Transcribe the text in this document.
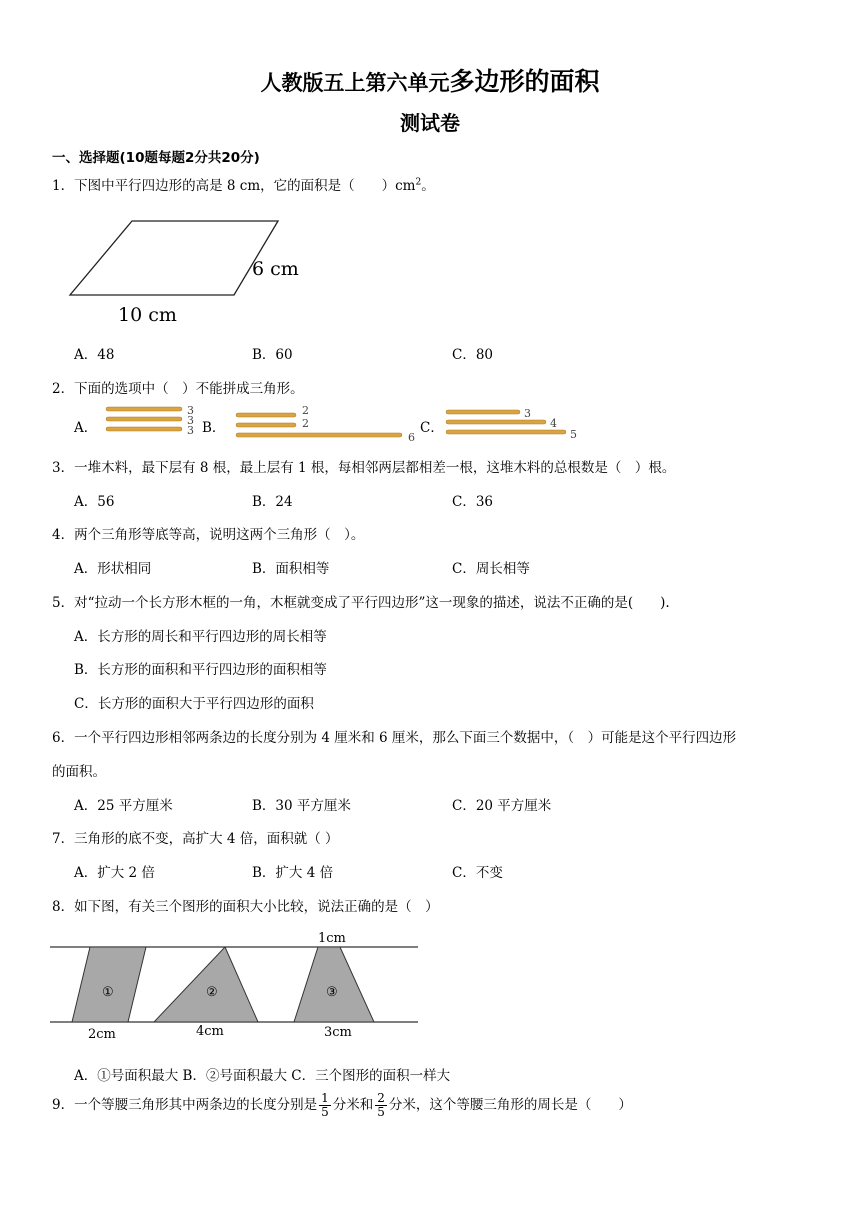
人教版五上第六单元多边形的面积
测试卷
一、选择题(10题每题2分共20分)
1．下图中平行四边形的高是 8 cm，它的面积是（　　）$cm^2$。
6 cm
10 cm
A．48	B．60	C．80
2．下面的选项中（　）不能拼成三角形。
A．
3
3
3 B．
2
2
6
C．
3
4
5
3．一堆木料，最下层有 8 根，最上层有 1 根，每相邻两层都相差一根，这堆木料的总根数是（　）根。
A．56	B．24	C．36
4．两个三角形等底等高，说明这两个三角形（　）。
A．形状相同	B．面积相等	C．周长相等
5．对“拉动一个长方形木框的一角，木框就变成了平行四边形”这一现象的描述，说法不正确的是(　　).
A．长方形的周长和平行四边形的周长相等
B．长方形的面积和平行四边形的面积相等
C．长方形的面积大于平行四边形的面积
6．一个平行四边形相邻两条边的长度分别为 4 厘米和 6 厘米，那么下面三个数据中，（　）可能是这个平行四边形
的面积。
A．25 平方厘米	B．30 平方厘米	C．20 平方厘米
7．三角形的底不变，高扩大 4 倍，面积就（ ）
A．扩大 2 倍	B．扩大 4 倍	C．不变
8．如下图，有关三个图形的面积大小比较，说法正确的是（　）
①
2cm
②
4cm
③
1cm
3cm
A．①号面积最大 B．②号面积最大 C．三个图形的面积一样大
9．一个等腰三角形其中两条边的长度分别是 $\frac{1}{5}$ 分米和 $\frac{2}{5}$ 分米，这个等腰三角形的周长是（　　）
